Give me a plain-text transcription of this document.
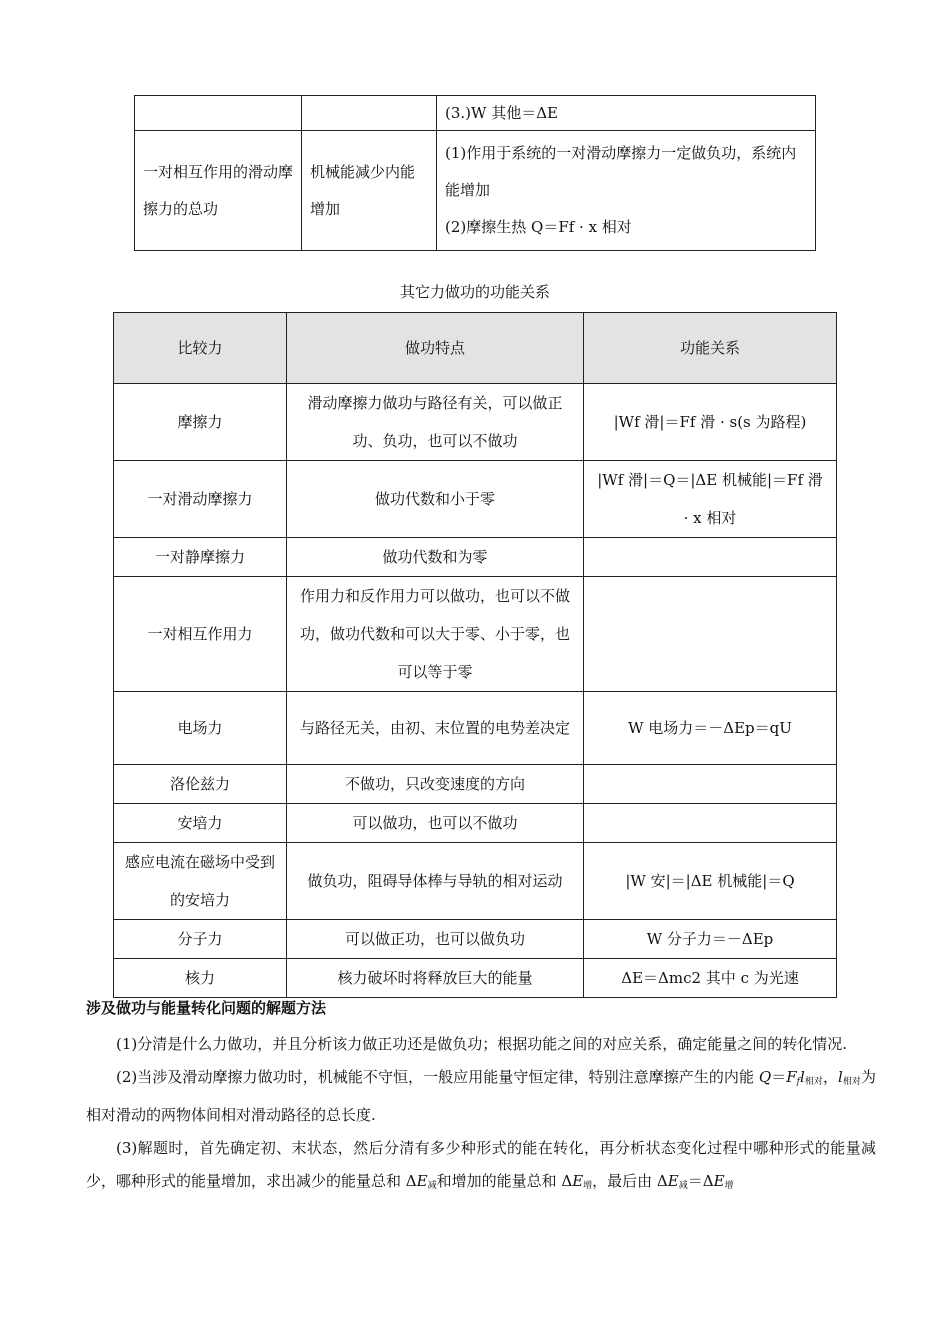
		(3.)W 其他＝ΔE
一对相互作用的滑动摩擦力的总功	机械能减少内能增加	(1)作用于系统的一对滑动摩擦力一定做负功，系统内能增加
(2)摩擦生热 Q＝Ff · x 相对
其它力做功的功能关系
比较力	做功特点	功能关系
摩擦力	滑动摩擦力做功与路径有关，可以做正功、负功，也可以不做功	|Wf 滑|＝Ff 滑 · s(s 为路程)
一对滑动摩擦力	做功代数和小于零	|Wf 滑|＝Q＝|ΔE 机械能|＝Ff 滑 · x 相对
一对静摩擦力	做功代数和为零	
一对相互作用力	作用力和反作用力可以做功，也可以不做功，做功代数和可以大于零、小于零，也可以等于零	
电场力	与路径无关，由初、末位置的电势差决定	W 电场力＝－ΔEp＝qU
洛伦兹力	不做功，只改变速度的方向	
安培力	可以做功，也可以不做功	
感应电流在磁场中受到的安培力	做负功，阻碍导体棒与导轨的相对运动	|W 安|＝|ΔE 机械能|＝Q
分子力	可以做正功，也可以做负功	W 分子力＝－ΔEp
核力	核力破坏时将释放巨大的能量	ΔE＝Δmc2 其中 c 为光速
涉及做功与能量转化问题的解题方法

(1)分清是什么力做功，并且分析该力做正功还是做负功；根据功能之间的对应关系，确定能量之间的转化情况.

(2)当涉及滑动摩擦力做功时，机械能不守恒，一般应用能量守恒定律，特别注意摩擦产生的内能 $Q=F_fl_{相对}$，$l_{相对}$为相对滑动的两物体间相对滑动路径的总长度.

(3)解题时，首先确定初、末状态，然后分清有多少种形式的能在转化，再分析状态变化过程中哪种形式的能量减少，哪种形式的能量增加，求出减少的能量总和 $\Delta E_减$和增加的能量总和 $\Delta E_增$，最后由 $\Delta E_减=\Delta E_增$
